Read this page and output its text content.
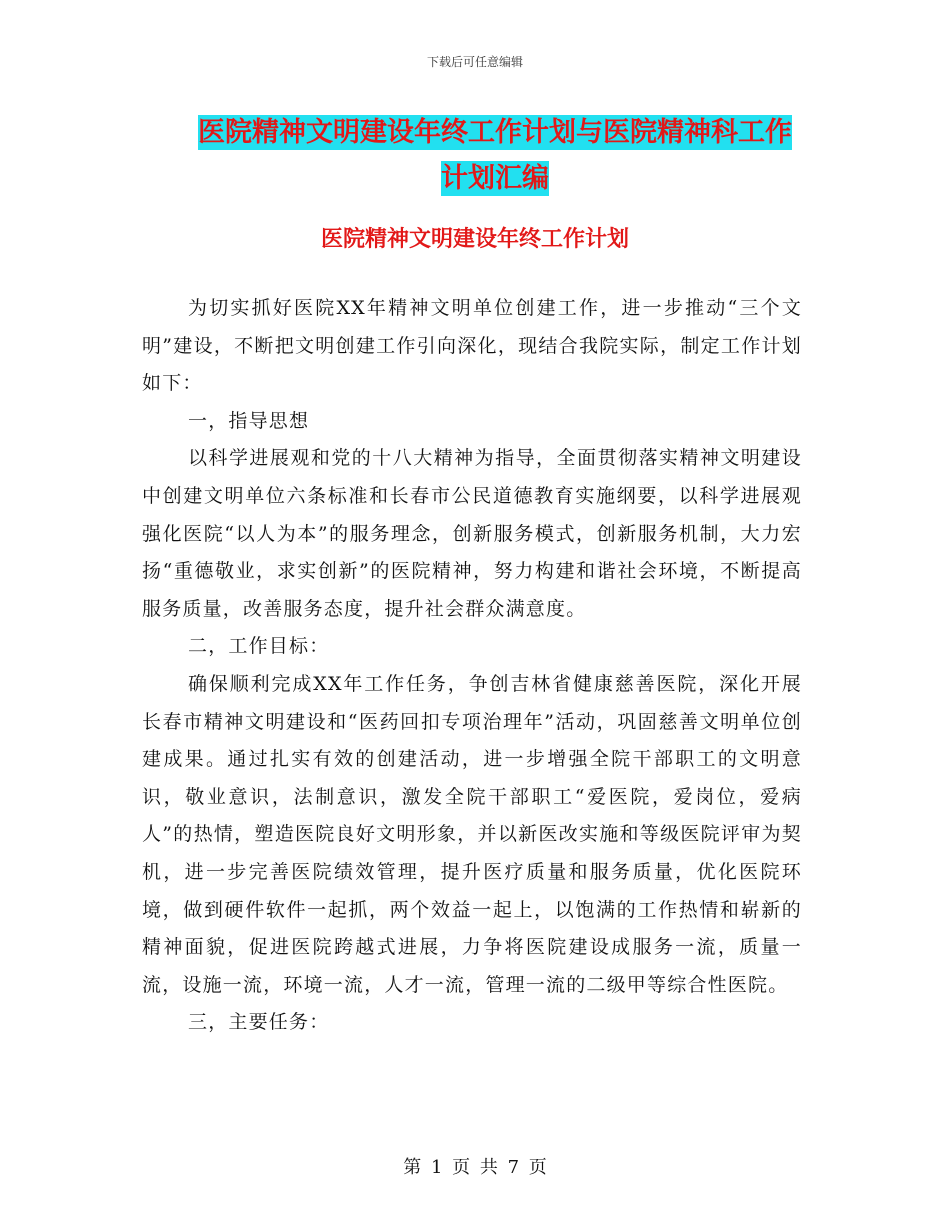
下载后可任意编辑
医院精神文明建设年终工作计划与医院精神科工作计划汇编
医院精神文明建设年终工作计划

为切实抓好医院XX年精神文明单位创建工作，进一步推动“三个文明”建设，不断把文明创建工作引向深化，现结合我院实际，制定工作计划如下：

一，指导思想

以科学进展观和党的十八大精神为指导，全面贯彻落实精神文明建设中创建文明单位六条标准和长春市公民道德教育实施纲要，以科学进展观强化医院“以人为本”的服务理念，创新服务模式，创新服务机制，大力宏扬“重德敬业，求实创新”的医院精神，努力构建和谐社会环境，不断提高服务质量，改善服务态度，提升社会群众满意度。

二，工作目标：

确保顺利完成XX年工作任务，争创吉林省健康慈善医院，深化开展长春市精神文明建设和“医药回扣专项治理年”活动，巩固慈善文明单位创建成果。通过扎实有效的创建活动，进一步增强全院干部职工的文明意识，敬业意识，法制意识，激发全院干部职工“爱医院，爱岗位，爱病人”的热情，塑造医院良好文明形象，并以新医改实施和等级医院评审为契机，进一步完善医院绩效管理，提升医疗质量和服务质量，优化医院环境，做到硬件软件一起抓，两个效益一起上，以饱满的工作热情和崭新的精神面貌，促进医院跨越式进展，力争将医院建设成服务一流，质量一流，设施一流，环境一流，人才一流，管理一流的二级甲等综合性医院。

三，主要任务：

第 1 页 共 7 页
